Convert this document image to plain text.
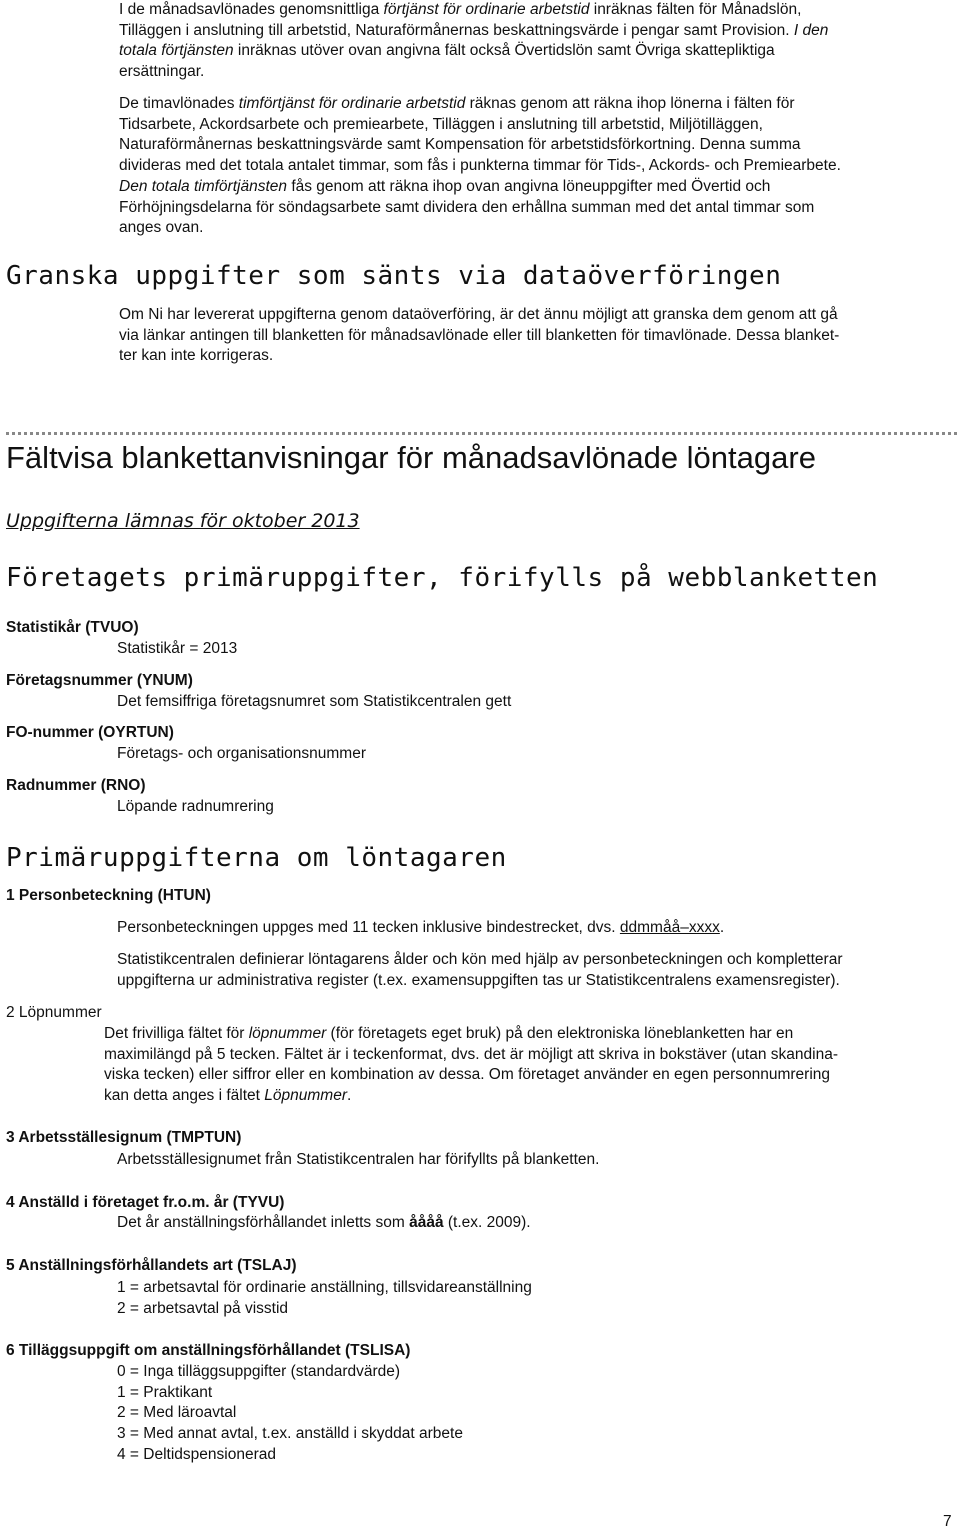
I de månadsavlönades genomsnittliga förtjänst för ordinarie arbetstid inräknas fälten för Månadslön,
Tilläggen i anslutning till arbetstid, Naturaförmånernas beskattningsvärde i pengar samt Provision. I den
totala förtjänsten inräknas utöver ovan angivna fält också Övertidslön samt Övriga skattepliktiga
ersättningar.
De timavlönades timförtjänst för ordinarie arbetstid räknas genom att räkna ihop lönerna i fälten för
Tidsarbete, Ackordsarbete och premiearbete, Tilläggen i anslutning till arbetstid, Miljötilläggen,
Naturaförmånernas beskattningsvärde samt Kompensation för arbetstidsförkortning. Denna summa
divideras med det totala antalet timmar, som fås i punkterna timmar för Tids-, Ackords- och Premiearbete.
Den totala timförtjänsten fås genom att räkna ihop ovan angivna löneuppgifter med Övertid och
Förhöjningsdelarna för söndagsarbete samt dividera den erhållna summan med det antal timmar som
anges ovan.
Granska uppgifter som sänts via dataöverföringen
Om Ni har levererat uppgifterna genom dataöverföring, är det ännu möjligt att granska dem genom att gå
via länkar antingen till blanketten för månadsavlönade eller till blanketten för timavlönade. Dessa blanket-
ter kan inte korrigeras.
Fältvisa blankettanvisningar för månadsavlönade löntagare
Uppgifterna lämnas för oktober 2013
Företagets primäruppgifter, förifylls på webblanketten
Statistikår (TVUO)
Statistikår = 2013
Företagsnummer (YNUM)
Det femsiffriga företagsnumret som Statistikcentralen gett
FO-nummer (OYRTUN)
Företags- och organisationsnummer
Radnummer (RNO)
Löpande radnumrering
Primäruppgifterna om löntagaren
1 Personbeteckning (HTUN)
Personbeteckningen uppges med 11 tecken inklusive bindestrecket, dvs. ddmmåå–xxxx.
Statistikcentralen definierar löntagarens ålder och kön med hjälp av personbeteckningen och kompletterar
uppgifterna ur administrativa register (t.ex. examensuppgiften tas ur Statistikcentralens examensregister).
2 Löpnummer
Det frivilliga fältet för löpnummer (för företagets eget bruk) på den elektroniska löneblanketten har en
maximilängd på 5 tecken. Fältet är i teckenformat, dvs. det är möjligt att skriva in bokstäver (utan skandina-
viska tecken) eller siffror eller en kombination av dessa. Om företaget använder en egen personnumrering
kan detta anges i fältet Löpnummer.
3 Arbetsställesignum (TMPTUN)
Arbetsställesignumet från Statistikcentralen har förifyllts på blanketten.
4 Anställd i företaget fr.o.m. år (TYVU)
Det år anställningsförhållandet inletts som åååå (t.ex. 2009).
5 Anställningsförhållandets art (TSLAJ)
1 = arbetsavtal för ordinarie anställning, tillsvidareanställning
2 = arbetsavtal på visstid
6 Tilläggsuppgift om anställningsförhållandet (TSLISA)
0 = Inga tilläggsuppgifter (standardvärde)
1 = Praktikant
2 = Med läroavtal
3 = Med annat avtal, t.ex. anställd i skyddat arbete
4 = Deltidspensionerad
7
